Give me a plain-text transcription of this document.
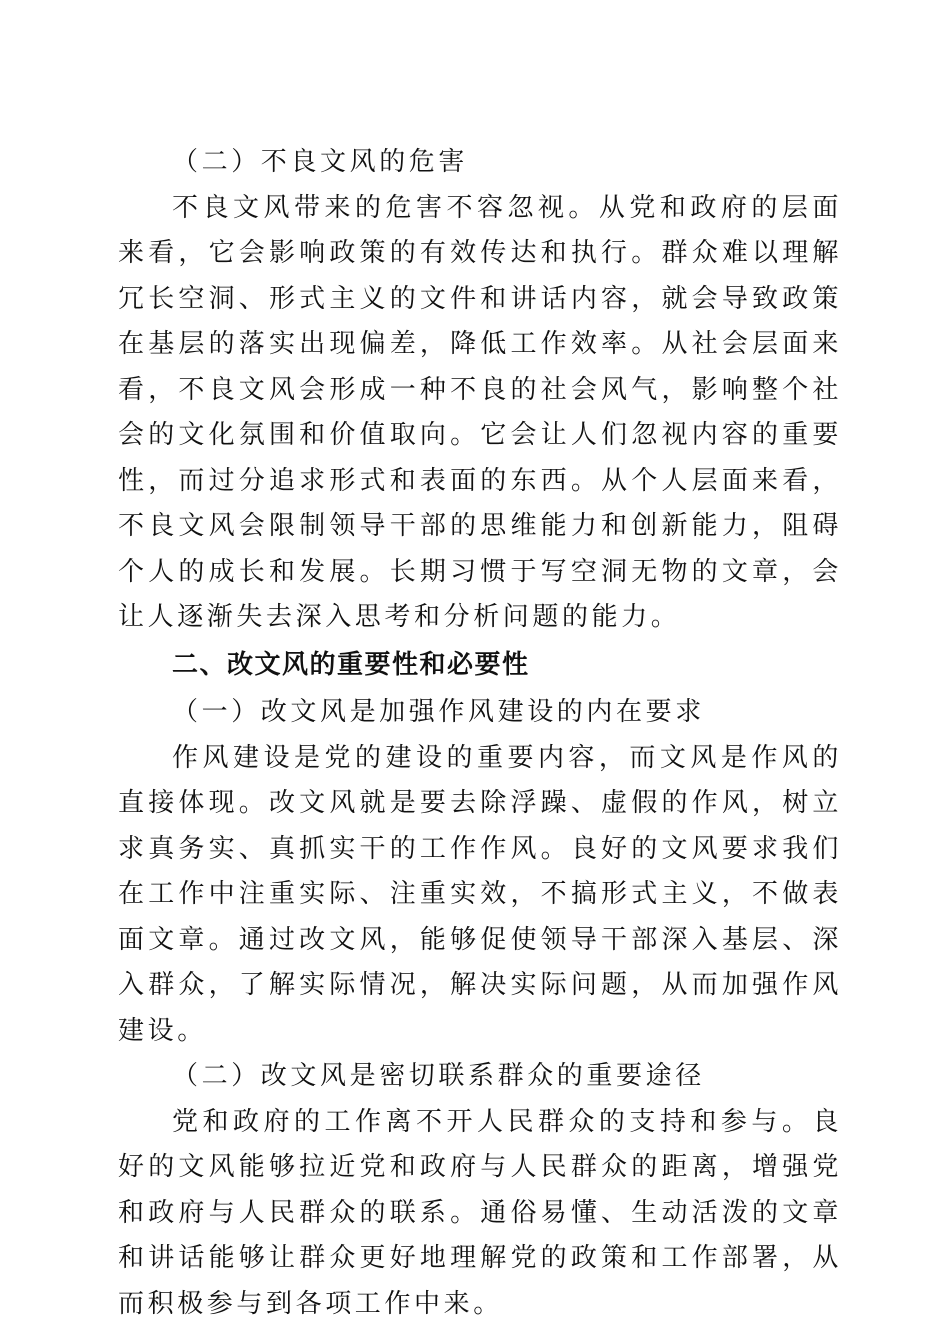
（二）不良文风的危害

不良文风带来的危害不容忽视。从党和政府的层面来看，它会影响政策的有效传达和执行。群众难以理解冗长空洞、形式主义的文件和讲话内容，就会导致政策在基层的落实出现偏差，降低工作效率。从社会层面来看，不良文风会形成一种不良的社会风气，影响整个社会的文化氛围和价值取向。它会让人们忽视内容的重要性，而过分追求形式和表面的东西。从个人层面来看，不良文风会限制领导干部的思维能力和创新能力，阻碍个人的成长和发展。长期习惯于写空洞无物的文章，会让人逐渐失去深入思考和分析问题的能力。

二、改文风的重要性和必要性

（一）改文风是加强作风建设的内在要求

作风建设是党的建设的重要内容，而文风是作风的直接体现。改文风就是要去除浮躁、虚假的作风，树立求真务实、真抓实干的工作作风。良好的文风要求我们在工作中注重实际、注重实效，不搞形式主义，不做表面文章。通过改文风，能够促使领导干部深入基层、深入群众，了解实际情况，解决实际问题，从而加强作风建设。

（二）改文风是密切联系群众的重要途径

党和政府的工作离不开人民群众的支持和参与。良好的文风能够拉近党和政府与人民群众的距离，增强党和政府与人民群众的联系。通俗易懂、生动活泼的文章和讲话能够让群众更好地理解党的政策和工作部署，从而积极参与到各项工作中来。
